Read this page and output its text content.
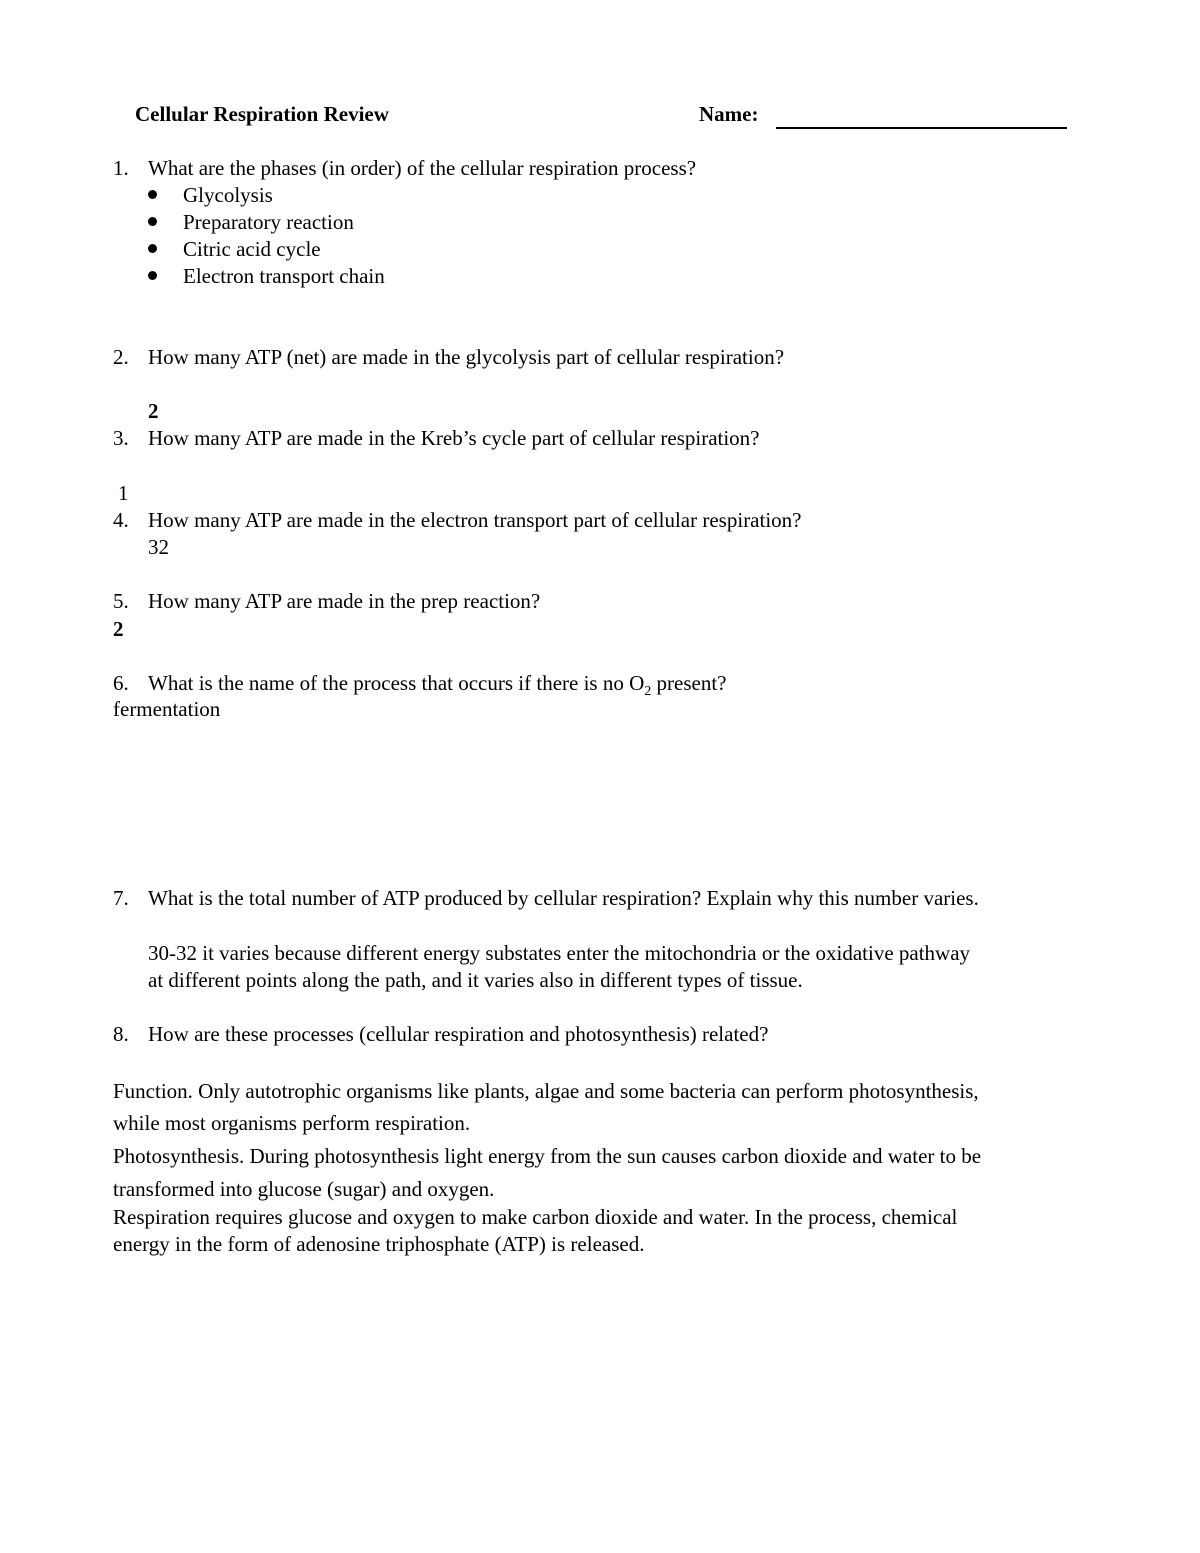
Cellular Respiration Review	Name:
1. What are the phases (in order) of the cellular respiration process?
Glycolysis
Preparatory reaction
Citric acid cycle
Electron transport chain
2. How many ATP (net) are made in the glycolysis part of cellular respiration?
2
3. How many ATP are made in the Kreb’s cycle part of cellular respiration?
1
4. How many ATP are made in the electron transport part of cellular respiration?
32
5. How many ATP are made in the prep reaction?
2
6. What is the name of the process that occurs if there is no $O_2$ present?
fermentation
7. What is the total number of ATP produced by cellular respiration? Explain why this number varies.
30-32 it varies because different energy substates enter the mitochondria or the oxidative pathway
at different points along the path, and it varies also in different types of tissue.
8. How are these processes (cellular respiration and photosynthesis) related?
Function. Only autotrophic organisms like plants, algae and some bacteria can perform photosynthesis,
while most organisms perform respiration.
Photosynthesis. During photosynthesis light energy from the sun causes carbon dioxide and water to be
transformed into glucose (sugar) and oxygen.
Respiration requires glucose and oxygen to make carbon dioxide and water. In the process, chemical
energy in the form of adenosine triphosphate (ATP) is released.
